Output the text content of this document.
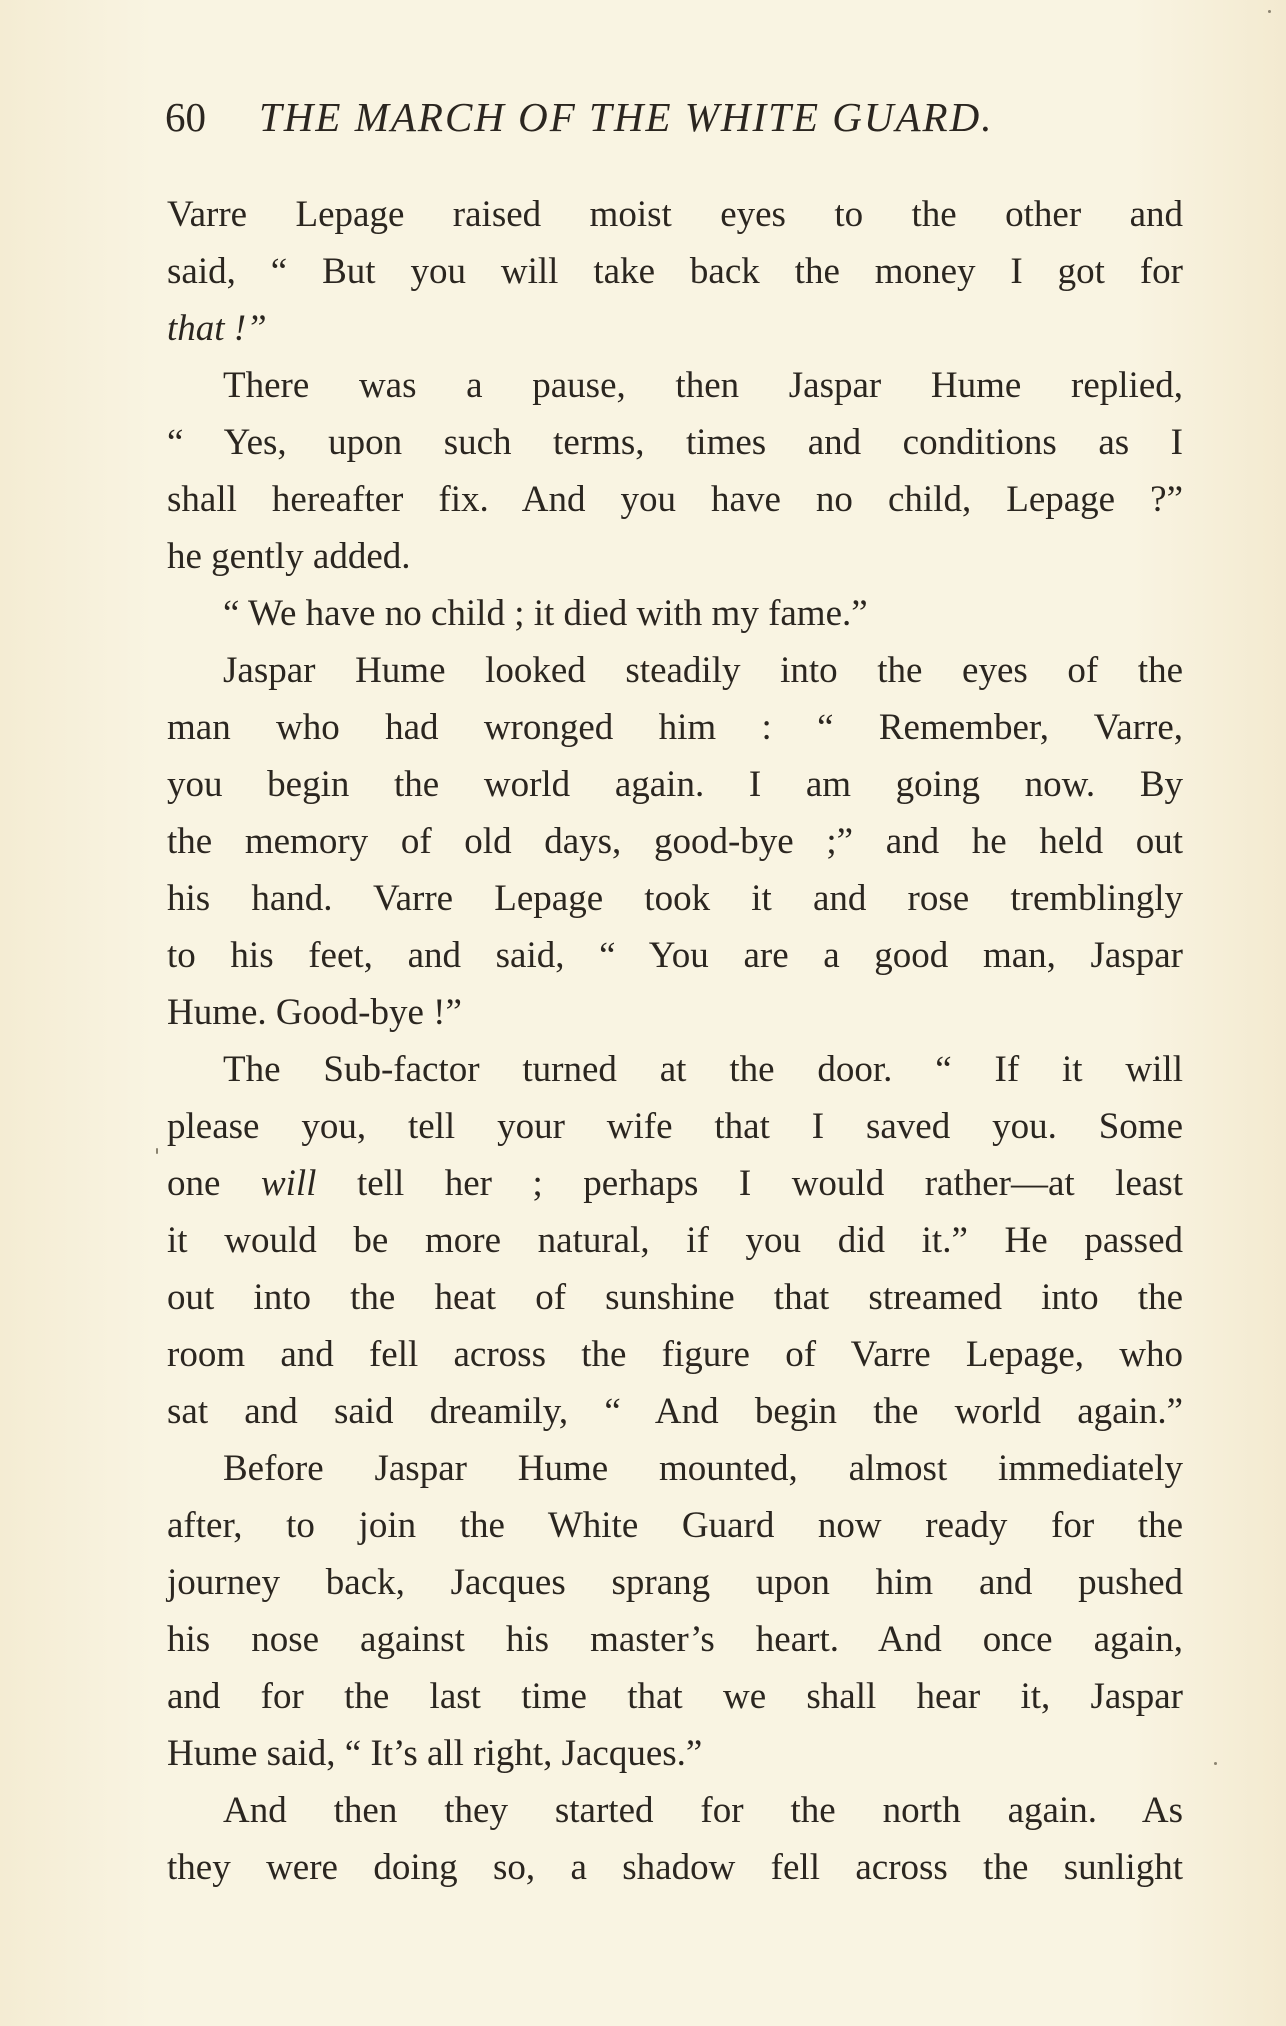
60 THE MARCH OF THE WHITE GUARD.
Varre Lepage raised moist eyes to the other and
said, “ But you will take back the money I got for
that !”
There was a pause, then Jaspar Hume replied,
“ Yes, upon such terms, times and conditions as I
shall hereafter fix. And you have no child, Lepage ?”
he gently added.
“ We have no child ; it died with my fame.”
Jaspar Hume looked steadily into the eyes of the
man who had wronged him : “ Remember, Varre,
you begin the world again. I am going now. By
the memory of old days, good-bye ;” and he held out
his hand. Varre Lepage took it and rose tremblingly
to his feet, and said, “ You are a good man, Jaspar
Hume. Good-bye !”
The Sub-factor turned at the door. “ If it will
please you, tell your wife that I saved you. Some
one will tell her ; perhaps I would rather—at least
it would be more natural, if you did it.” He passed
out into the heat of sunshine that streamed into the
room and fell across the figure of Varre Lepage, who
sat and said dreamily, “ And begin the world again.”
Before Jaspar Hume mounted, almost immediately
after, to join the White Guard now ready for the
journey back, Jacques sprang upon him and pushed
his nose against his master’s heart. And once again,
and for the last time that we shall hear it, Jaspar
Hume said, “ It’s all right, Jacques.”
And then they started for the north again. As
they were doing so, a shadow fell across the sunlight
